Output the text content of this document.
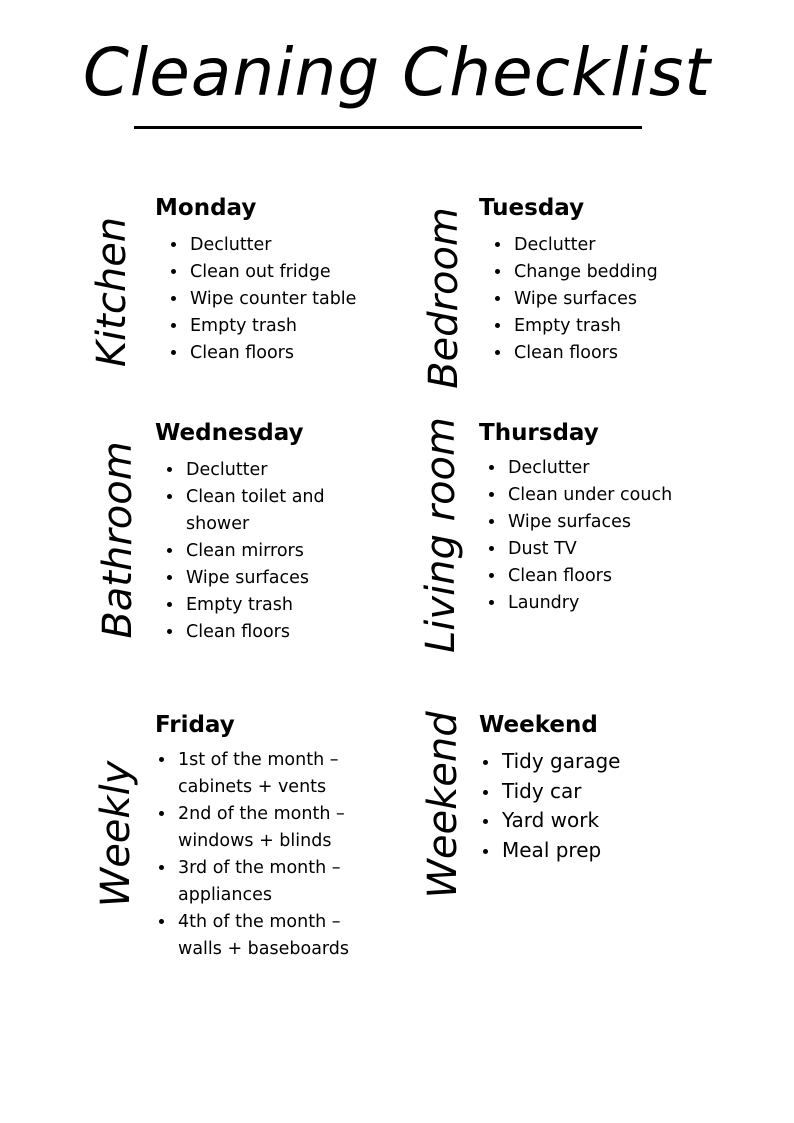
Cleaning Checklist
Kitchen
Monday
• Declutter
• Clean out fridge
• Wipe counter table
• Empty trash
• Clean floors	Bedroom Tuesday
• Declutter
• Change bedding
• Wipe surfaces
• Empty trash
• Clean floors
Bathroom
Wednesday
• Declutter
• Clean toilet and shower
• Clean mirrors
• Wipe surfaces
• Empty trash
• Clean floors	Living room Thursday
• Declutter
• Clean under couch
• Wipe surfaces
• Dust TV
• Clean floors
• Laundry
Weekly
Friday
• 1st of the month – cabinets + vents
• 2nd of the month – windows + blinds
• 3rd of the month – appliances
• 4th of the month – walls + baseboards
Weekend Weekend
• Tidy garage
• Tidy car
• Yard work
• Meal prep
